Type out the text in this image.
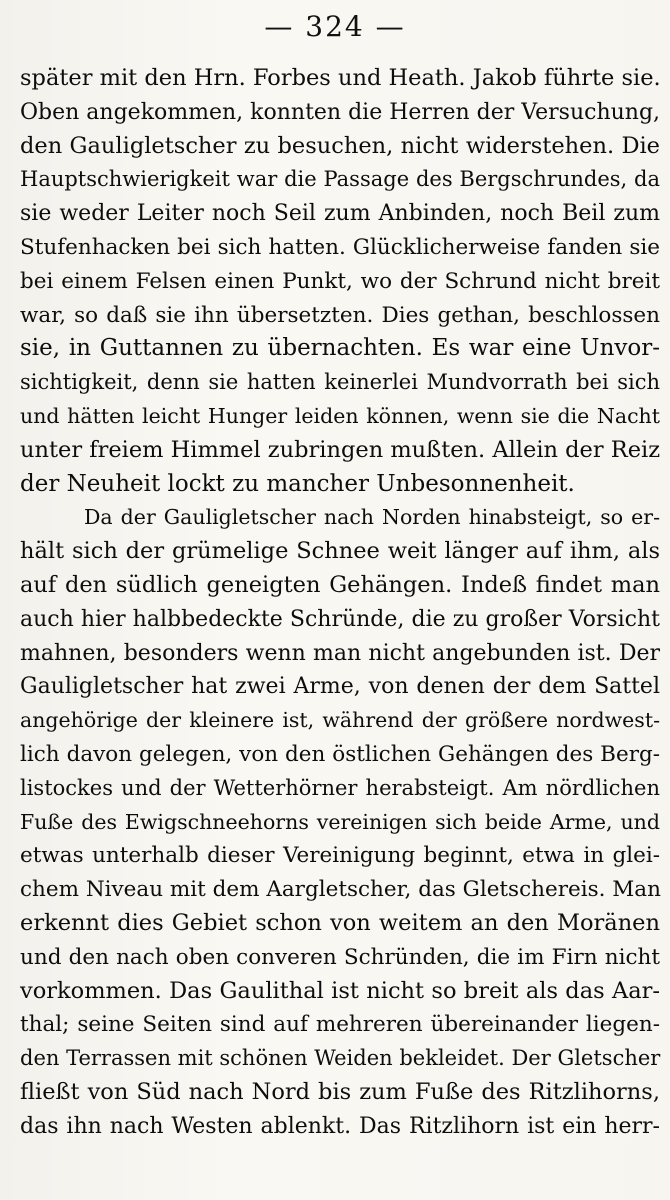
— 324 —
später mit den Hrn. Forbes und Heath. Jakob führte sie.
Oben angekommen, konnten die Herren der Versuchung,
den Gauligletscher zu besuchen, nicht widerstehen. Die
Hauptschwierigkeit war die Passage des Bergschrundes, da
sie weder Leiter noch Seil zum Anbinden, noch Beil zum
Stufenhacken bei sich hatten. Glücklicherweise fanden sie
bei einem Felsen einen Punkt, wo der Schrund nicht breit
war, so daß sie ihn übersetzten. Dies gethan, beschlossen
sie, in Guttannen zu übernachten. Es war eine Unvor-
sichtigkeit, denn sie hatten keinerlei Mundvorrath bei sich
und hätten leicht Hunger leiden können, wenn sie die Nacht
unter freiem Himmel zubringen mußten. Allein der Reiz
der Neuheit lockt zu mancher Unbesonnenheit.
Da der Gauligletscher nach Norden hinabsteigt, so er-
hält sich der grümelige Schnee weit länger auf ihm, als
auf den südlich geneigten Gehängen. Indeß findet man
auch hier halbbedeckte Schründe, die zu großer Vorsicht
mahnen, besonders wenn man nicht angebunden ist. Der
Gauligletscher hat zwei Arme, von denen der dem Sattel
angehörige der kleinere ist, während der größere nordwest-
lich davon gelegen, von den östlichen Gehängen des Berg-
listockes und der Wetterhörner herabsteigt. Am nördlichen
Fuße des Ewigschneehorns vereinigen sich beide Arme, und
etwas unterhalb dieser Vereinigung beginnt, etwa in glei-
chem Niveau mit dem Aargletscher, das Gletschereis. Man
erkennt dies Gebiet schon von weitem an den Moränen
und den nach oben converen Schründen, die im Firn nicht
vorkommen. Das Gaulithal ist nicht so breit als das Aar-
thal; seine Seiten sind auf mehreren übereinander liegen-
den Terrassen mit schönen Weiden bekleidet. Der Gletscher
fließt von Süd nach Nord bis zum Fuße des Ritzlihorns,
das ihn nach Westen ablenkt. Das Ritzlihorn ist ein herr-
